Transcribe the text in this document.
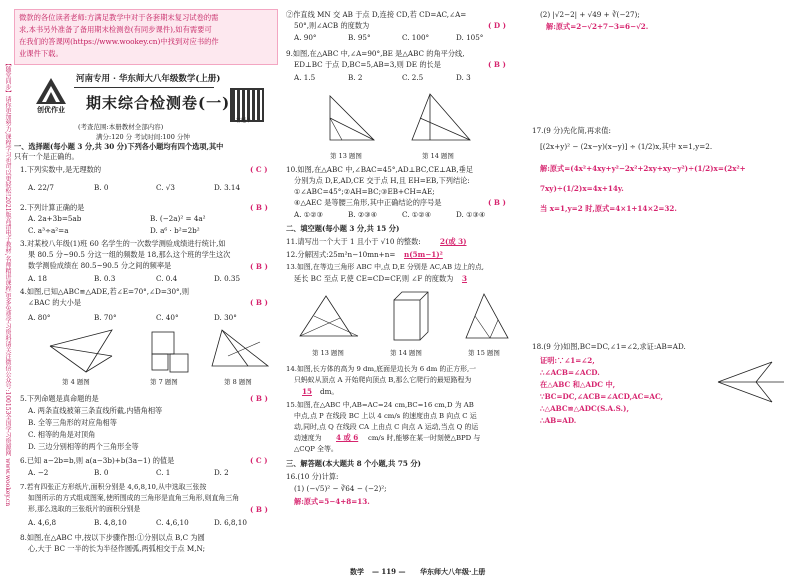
【随堂同步】请你更加努力,课程学习也可以更轻松!2021版高清电子教材,名师精讲课程,更多免费学习资料请关注微信公众号:100153全国学习资源网 www.wookey.cn
微款的各位读者老师:方满足教学中对于各套期末复习试卷的需
求,本书另外准备了备用期末检测卷(有同步课件),如有需要可
在我们的答课网(https://www.wookey.cn)中找到对应书的作
业课件下载。
创优作业
河南专用 · 华东师大八年级数学(上册)
期末综合检测卷(一)
答题卡
(考查范围:本册教材全部内容)
满分:120 分 考试时间:100 分钟
一、选择题(每小题 3 分,共 30 分)下列各小题均有四个选项,其中
只有一个是正确的。
1.下列实数中,是无理数的	( C )
A. 22/7	B. 0	C. √3	D. 3.14
2.下列计算正确的是	( B )
A. 2a+3b=5ab	B. (−2a)² = 4a²
C. a³÷a²=a	D. a⁶ · b²=2b²
3.对某校八年级(1)班 60 名学生的一次数学测验成绩进行统计,如
果 80.5 分~90.5 分这一组的频数是 18,那么这个班的学生这次
数学测验成绩在 80.5~90.5 分之间的频率是	( B )
A. 18	B. 0.3	C. 0.4	D. 0.35
4.如图,已知△ABC≌△ADE,若∠E=70°,∠D=30°,则
∠BAC 的大小是	( B )
A. 80°	B. 70°	C. 40°	D. 30°
第 4 题图	第 7 题图	第 8 题图
5.下列命题是真命题的是	( B )
A. 两条直线被第三条直线所截,内错角相等
B. 全等三角形的对应角相等
C. 相等的角是对顶角
D. 三边分别相等的两个三角形全等
6.已知 a−2b=b,则 a(a−3b)+b(3a−1) 的值是	( C )
A. −2	B. 0	C. 1	D. 2
7.若有四张正方形纸片,面积分别是 4,6,8,10,从中选取三张按
如图所示的方式组成图案,使所围成的三角形是直角三角形,则直角三角
形,那么选取的三张纸片的面积分别是	( B )
A. 4,6,8	B. 4,8,10	C. 4,6,10	D. 6,8,10
8.如图,在△ABC 中,按以下步骤作图:①分别以点 B,C 为圆
心,大于 BC 一半的长为半径作圆弧,两弧相交于点 M,N;
②作直线 MN 交 AB 于点 D,连接 CD,若 CD=AC,∠A=
50°,则∠ACB 的度数为	( D )
A. 90°	B. 95°	C. 100°	D. 105°
9.如图,在△ABC 中,∠A=90°,BE 是△ABC 的角平分线,
ED⊥BC 于点 D,BC=5,AB=3,则 DE 的长是	( B )
A. 1.5	B. 2	C. 2.5	D. 3
第 13 题图	第 14 题图
10.如图,在△ABC 中,∠BAC=45°,AD⊥BC,CE⊥AB,垂足
分别为点 D,E,AD,CE 交于点 H,且 EH=EB,下列结论:
①∠ABC=45°;②AH=BC;③EB+CH=AE;
④△AEC 是等腰三角形,其中正确结论的序号是	( B )
A. ①②③	B. ②③④	C. ①②④	D. ①③④
二、填空题(每小题 3 分,共 15 分)
11.请写出一个大于 1 且小于 √10 的整数:	2(或 3)
12.分解因式:25m²n−10mn+n= n(5m−1)²
13.如图,在等边三角形 ABC 中,点 D,E 分别是 AC,AB 边上的点,
延长 BC 至点 F,使 CE=CD=CF,则 ∠F 的度数为 3
第 13 题图	第 14 题图	第 15 题图
14.如图,长方体的高为 9 dm,底面是边长为 6 dm 的正方形,一
只蚂蚁从顶点 A 开始爬向顶点 B,那么它爬行的最短路程为
15 dm。
15.如图,在△ABC 中,AB=AC=24 cm,BC=16 cm,D 为 AB
中点,点 P 在线段 BC 上以 4 cm/s 的速度由点 B 向点 C 运
动,同时,点 Q 在线段 CA 上由点 C 向点 A 运动,当点 Q 的运
动速度为 4 或 6 cm/s 时,能够在某一时刻使△BPD 与
△CQP 全等。
三、解答题(本大题共 8 个小题,共 75 分)
16.(10 分)计算:
(1) (−√5)² − ∛64 − (−2)²;
解:原式=5−4+8=13.
(2) |√2−2| + √49 + ∛(−27);
解:原式=2−√2+7−3=6−√2.
17.(9 分)先化简,再求值:
[(2x+y)² − (2x−y)(x−y)] ÷ (1/2)x,其中 x=1,y=2.
解:原式=(4x²+4xy+y²−2x²+2xy+xy−y²)÷(1/2)x=(2x²+
7xy)÷(1/2)x=4x+14y.
当 x=1,y=2 时,原式=4×1+14×2=32.
18.(9 分)如图,BC=DC,∠1=∠2,求证:AB=AD.
证明:∵∠1=∠2,
∴∠ACB=∠ACD.
在△ABC 和△ADC 中,
∵BC=DC,∠ACB=∠ACD,AC=AC,
∴△ABC≌△ADC(S.A.S.),
∴AB=AD.
数学 — 119 — 华东师大八年级·上册
